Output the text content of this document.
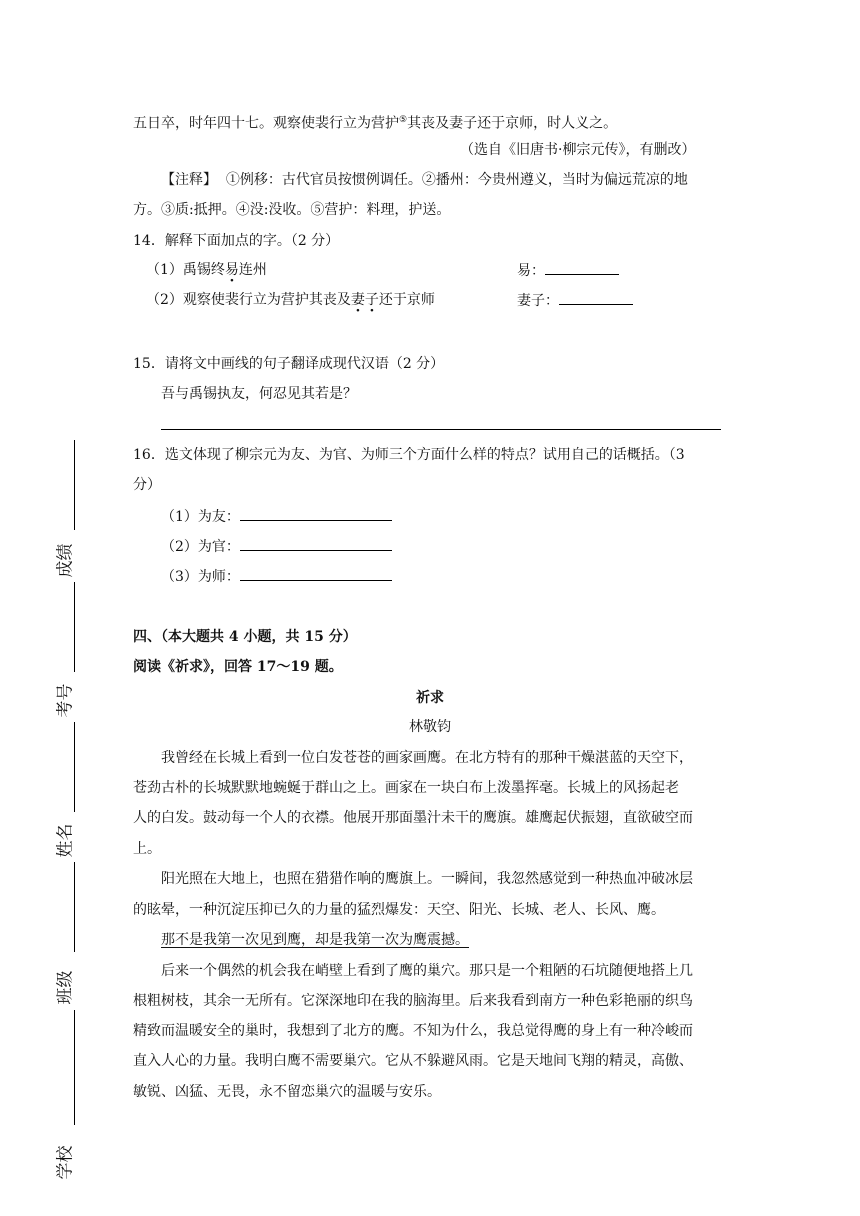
五日卒，时年四十七。观察使裴行立为营护⑤其丧及妻子还于京师，时人义之。
（选自《旧唐书·柳宗元传》，有删改）
【注释】 ①例移：古代官员按惯例调任。②播州：今贵州遵义，当时为偏远荒凉的地
方。③质:抵押。④没:没收。⑤营护：料理，护送。
14．解释下面加点的字。（2 分）
（1）禹锡终易连州	易：
（2）观察使裴行立为营护其丧及妻子还于京师	妻子：
15．请将文中画线的句子翻译成现代汉语（2 分）
吾与禹锡执友，何忍见其若是？
16．选文体现了柳宗元为友、为官、为师三个方面什么样的特点？试用自己的话概括。（3
分）
（1）为友：
（2）为官：
（3）为师：
四、（本大题共 4 小题，共 15 分）
阅读《祈求》，回答 17～19 题。
祈求
林敬钧
我曾经在长城上看到一位白发苍苍的画家画鹰。在北方特有的那种干燥湛蓝的天空下，
苍劲古朴的长城默默地蜿蜒于群山之上。画家在一块白布上泼墨挥毫。长城上的风扬起老
人的白发。鼓动每一个人的衣襟。他展开那面墨汁未干的鹰旗。雄鹰起伏振翅，直欲破空而
上。
阳光照在大地上，也照在猎猎作响的鹰旗上。一瞬间，我忽然感觉到一种热血冲破冰层
的眩晕，一种沉淀压抑已久的力量的猛烈爆发：天空、阳光、长城、老人、长风、鹰。
那不是我第一次见到鹰，却是我第一次为鹰震撼。
后来一个偶然的机会我在峭壁上看到了鹰的巢穴。那只是一个粗陋的石坑随便地搭上几
根粗树枝，其余一无所有。它深深地印在我的脑海里。后来我看到南方一种色彩艳丽的织鸟
精致而温暖安全的巢时，我想到了北方的鹰。不知为什么，我总觉得鹰的身上有一种冷峻而
直入人心的力量。我明白鹰不需要巢穴。它从不躲避风雨。它是天地间飞翔的精灵，高傲、
敏锐、凶猛、无畏，永不留恋巢穴的温暖与安乐。
成绩
考号
姓名
班级
学校
